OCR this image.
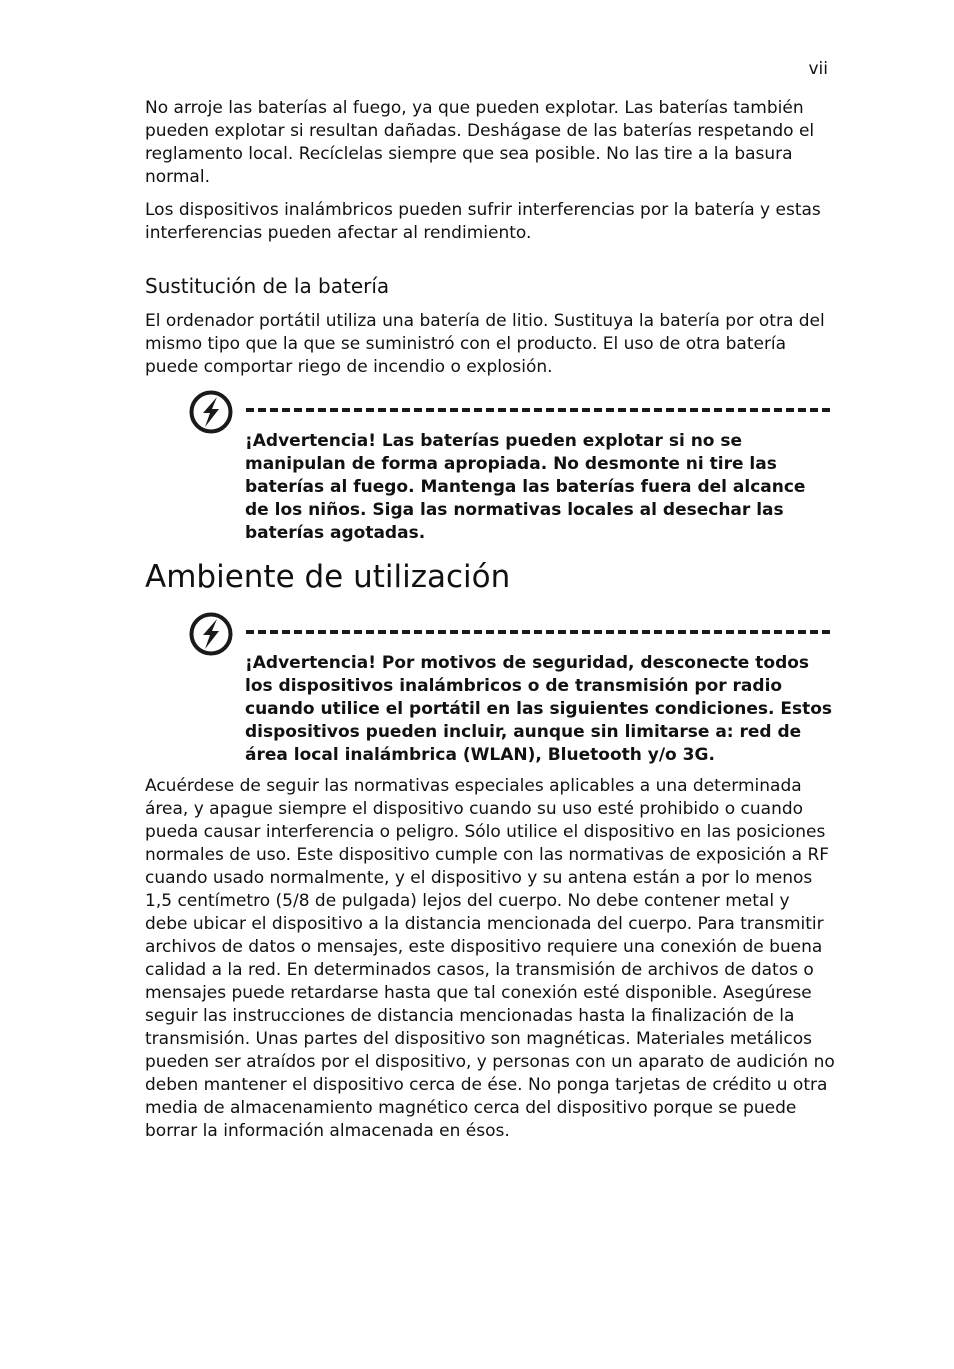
vii

No arroje las baterías al fuego, ya que pueden explotar. Las baterías también pueden explotar si resultan dañadas. Deshágase de las baterías respetando el reglamento local. Recíclelas siempre que sea posible. No las tire a la basura normal.

Los dispositivos inalámbricos pueden sufrir interferencias por la batería y estas interferencias pueden afectar al rendimiento.

Sustitución de la batería

El ordenador portátil utiliza una batería de litio. Sustituya la batería por otra del mismo tipo que la que se suministró con el producto. El uso de otra batería puede comportar riego de incendio o explosión.

¡Advertencia! Las baterías pueden explotar si no se manipulan de forma apropiada. No desmonte ni tire las baterías al fuego. Mantenga las baterías fuera del alcance de los niños. Siga las normativas locales al desechar las baterías agotadas.

Ambiente de utilización

¡Advertencia! Por motivos de seguridad, desconecte todos los dispositivos inalámbricos o de transmisión por radio cuando utilice el portátil en las siguientes condiciones. Estos dispositivos pueden incluir, aunque sin limitarse a: red de área local inalámbrica (WLAN), Bluetooth y/o 3G.

Acuérdese de seguir las normativas especiales aplicables a una determinada área, y apague siempre el dispositivo cuando su uso esté prohibido o cuando pueda causar interferencia o peligro. Sólo utilice el dispositivo en las posiciones normales de uso. Este dispositivo cumple con las normativas de exposición a RF cuando usado normalmente, y el dispositivo y su antena están a por lo menos 1,5 centímetro (5/8 de pulgada) lejos del cuerpo. No debe contener metal y debe ubicar el dispositivo a la distancia mencionada del cuerpo. Para transmitir archivos de datos o mensajes, este dispositivo requiere una conexión de buena calidad a la red. En determinados casos, la transmisión de archivos de datos o mensajes puede retardarse hasta que tal conexión esté disponible. Asegúrese seguir las instrucciones de distancia mencionadas hasta la finalización de la transmisión. Unas partes del dispositivo son magnéticas. Materiales metálicos pueden ser atraídos por el dispositivo, y personas con un aparato de audición no deben mantener el dispositivo cerca de ése. No ponga tarjetas de crédito u otra media de almacenamiento magnético cerca del dispositivo porque se puede borrar la información almacenada en ésos.
